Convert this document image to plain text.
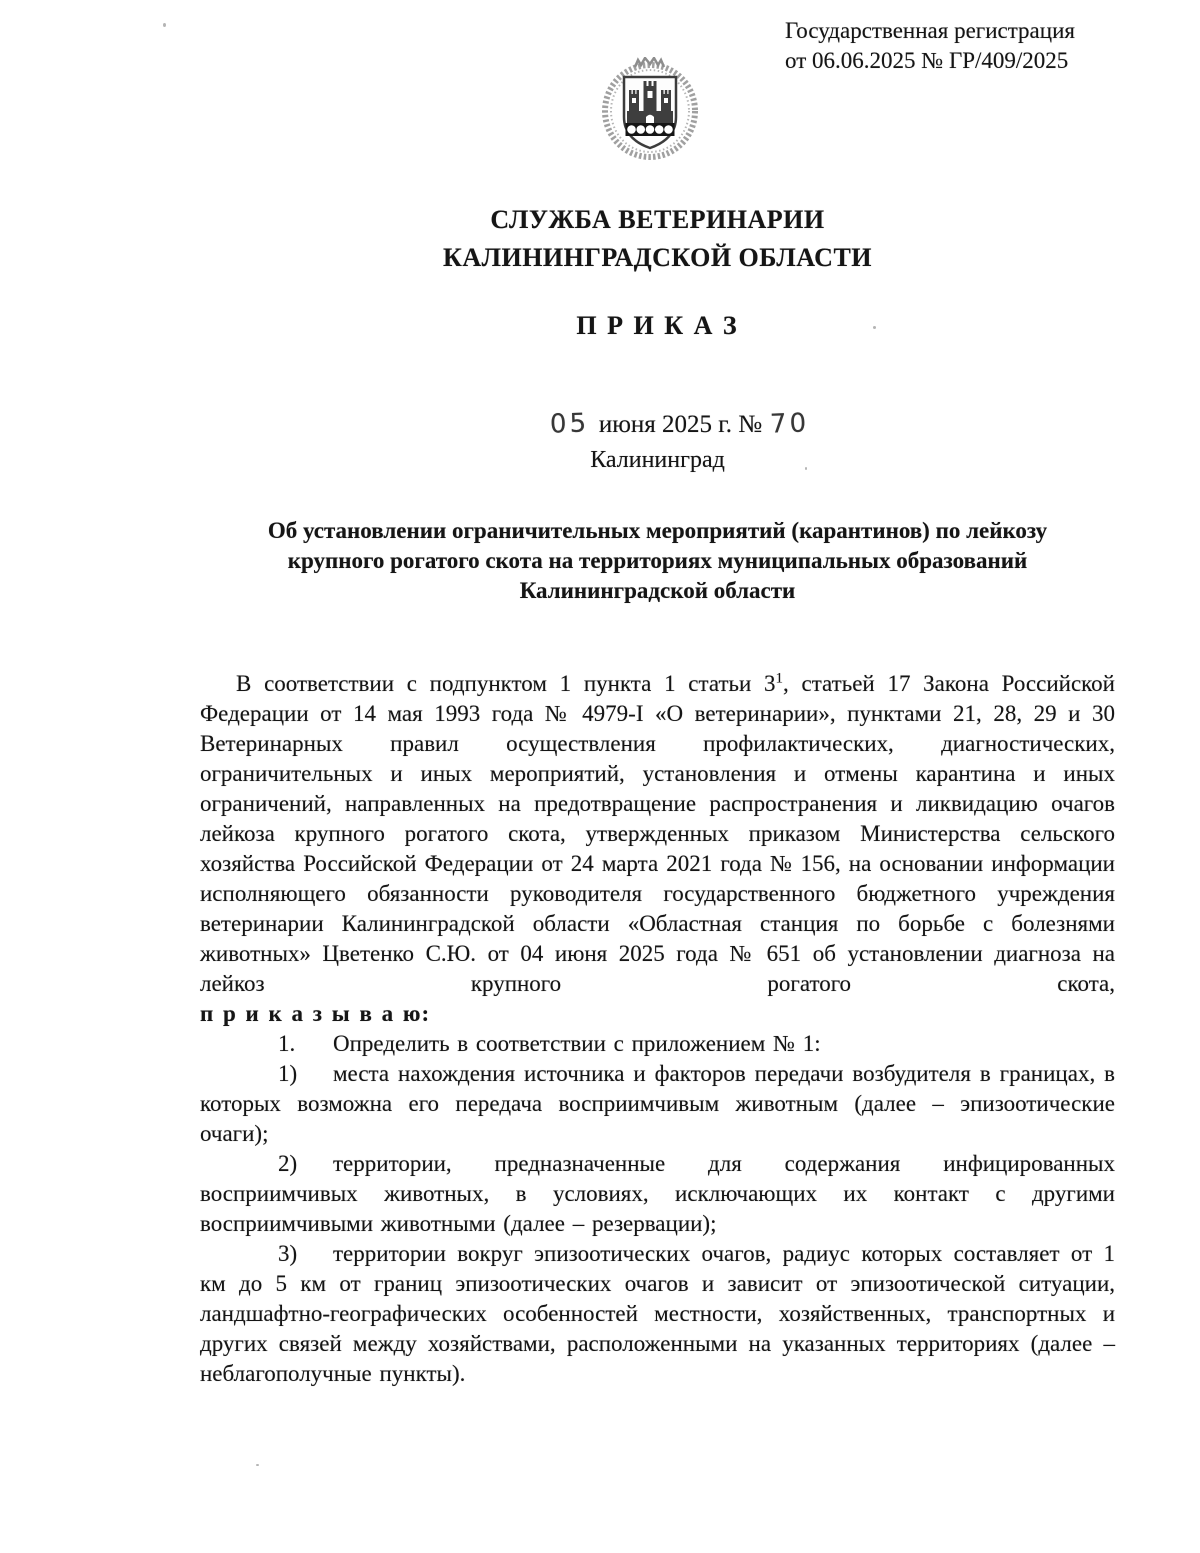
Государственная регистрация
от 06.06.2025 № ГР/409/2025
СЛУЖБА ВЕТЕРИНАРИИ
КАЛИНИНГРАДСКОЙ ОБЛАСТИ
П Р И К А З
05 июня 2025 г. № 70
Калининград
Об установлении ограничительных мероприятий (карантинов) по лейкозу
крупного рогатого скота на территориях муниципальных образований
Калининградской области

В соответствии с подпунктом 1 пункта 1 статьи $3^1$, статьей 17 Закона Российской Федерации от 14 мая 1993 года № 4979-I «О ветеринарии», пунктами 21, 28, 29 и 30 Ветеринарных правил осуществления профилактических, диагностических, ограничительных и иных мероприятий, установления и отмены карантина и иных ограничений, направленных на предотвращение распространения и ликвидацию очагов лейкоза крупного рогатого скота, утвержденных приказом Министерства сельского хозяйства Российской Федерации от 24 марта 2021 года № 156, на основании информации исполняющего обязанности руководителя государственного бюджетного учреждения ветеринарии Калининградской области «Областная станция по борьбе с болезнями животных» Цветенко С.Ю. от 04 июня 2025 года № 651 об установлении диагноза на лейкоз крупного рогатого скота,

п р и к а з ы в а ю:

1. Определить в соответствии с приложением № 1:

1) места нахождения источника и факторов передачи возбудителя в границах, в которых возможна его передача восприимчивым животным (далее – эпизоотические очаги);

2) территории, предназначенные для содержания инфицированных восприимчивых животных, в условиях, исключающих их контакт с другими восприимчивыми животными (далее – резервации);

3) территории вокруг эпизоотических очагов, радиус которых составляет от 1 км до 5 км от границ эпизоотических очагов и зависит от эпизоотической ситуации, ландшафтно-географических особенностей местности, хозяйственных, транспортных и других связей между хозяйствами, расположенными на указанных территориях (далее – неблагополучные пункты).
